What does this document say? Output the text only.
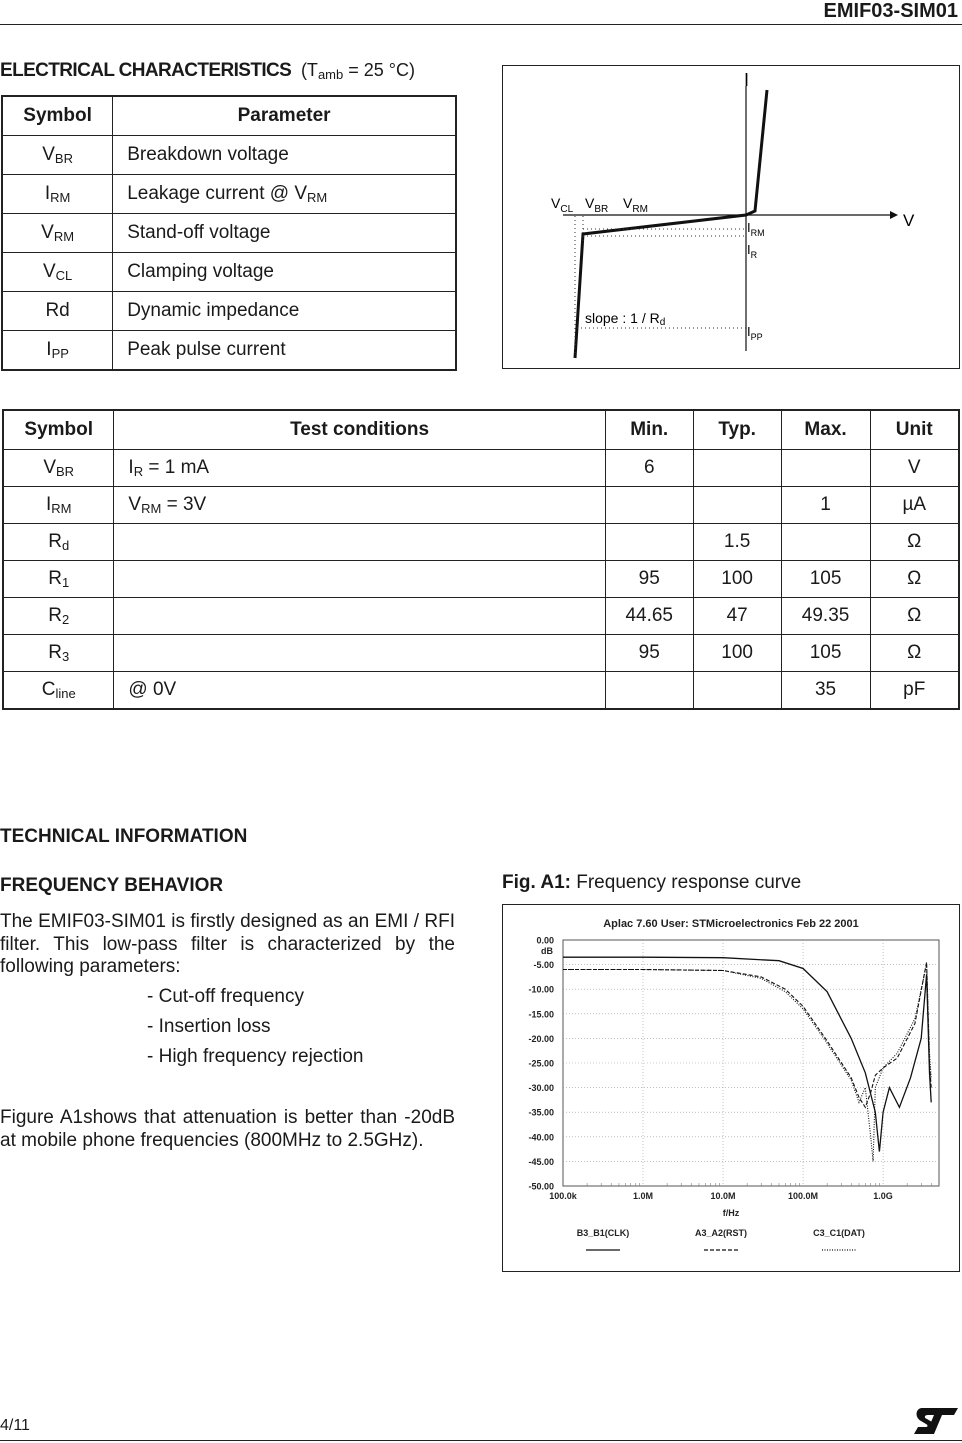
EMIF03-SIM01
ELECTRICAL CHARACTERISTICS ($T_{amb} = 25$ °C)
Symbol	Parameter
$V_{BR}$	Breakdown voltage
$I_{RM}$	Leakage current @ $V_{RM}$
$V_{RM}$	Stand-off voltage
$V_{CL}$	Clamping voltage
Rd	Dynamic impedance
$I_{PP}$	Peak pulse current
I
V
$V_{CL}$ $V_{BR}$ $V_{RM}$
$I_{RM}$
$I_R$
$I_{PP}$
slope : 1 / Rd
Symbol	Test conditions	Min.	Typ.	Max.	Unit
$V_{BR}$	$I_R = 1$ mA	6			V
$I_{RM}$	$V_{RM} = 3V$			1	µA
$R_d$			1.5		Ω
$R_1$		95	100	105	Ω
$R_2$		44.65	47	49.35	Ω
$R_3$		95	100	105	Ω
$C_{line}$	@ 0V			35	pF
TECHNICAL INFORMATION
FREQUENCY BEHAVIOR
The EMIF03-SIM01 is firstly designed as an EMI / RFI filter. This low-pass filter is characterized by the following parameters:
- Cut-off frequency
- Insertion loss
- High frequency rejection
Figure A1shows that attenuation is better than -20dB at mobile phone frequencies (800MHz to 2.5GHz).
Fig. A1: Frequency response curve
Aplac 7.60 User: STMicroelectronics Feb 22 2001
0.00
-5.00
-10.00
-15.00
-20.00
-25.00
-30.00
-35.00
-40.00
-45.00
-50.00
dB
100.0k	1.0M	10.0M	100.0M	1.0G
f/Hz
B3_B1(CLK)	A3_A2(RST)	C3_C1(DAT)
4/11
